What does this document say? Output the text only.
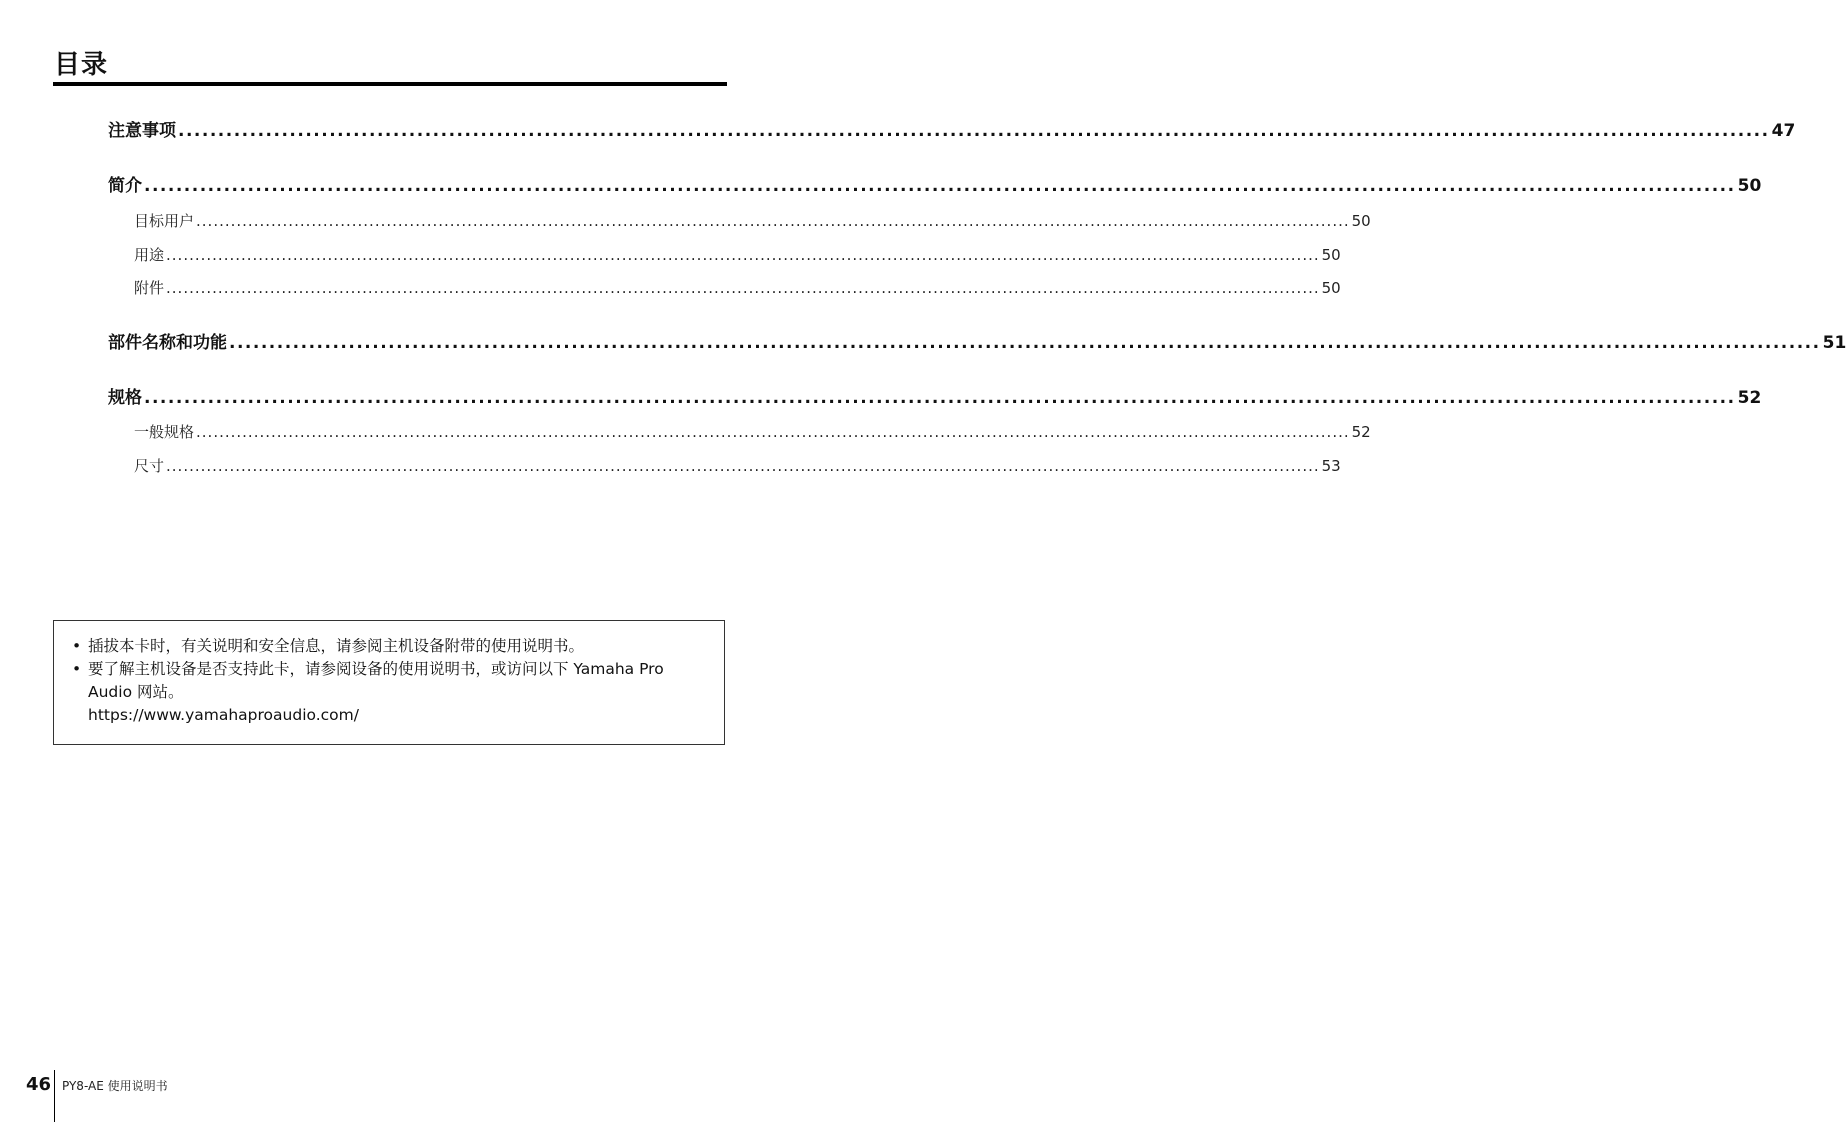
目录
注意事项 ........................................................................................................................................................................................................ 47
简介 ........................................................................................................................................................................................................ 50
目标用户 ........................................................................................................................................................................................................ 50
用途 ........................................................................................................................................................................................................ 50
附件 ........................................................................................................................................................................................................ 50
部件名称和功能 ........................................................................................................................................................................................................ 51
规格 ........................................................................................................................................................................................................ 52
一般规格 ........................................................................................................................................................................................................ 52
尺寸 ........................................................................................................................................................................................................ 53
• 插拔本卡时，有关说明和安全信息，请参阅主机设备附带的使用说明书。
• 要了解主机设备是否支持此卡，请参阅设备的使用说明书，或访问以下 Yamaha Pro
Audio 网站。
https://www.yamahaproaudio.com/
46 PY8-AE 使用说明书
